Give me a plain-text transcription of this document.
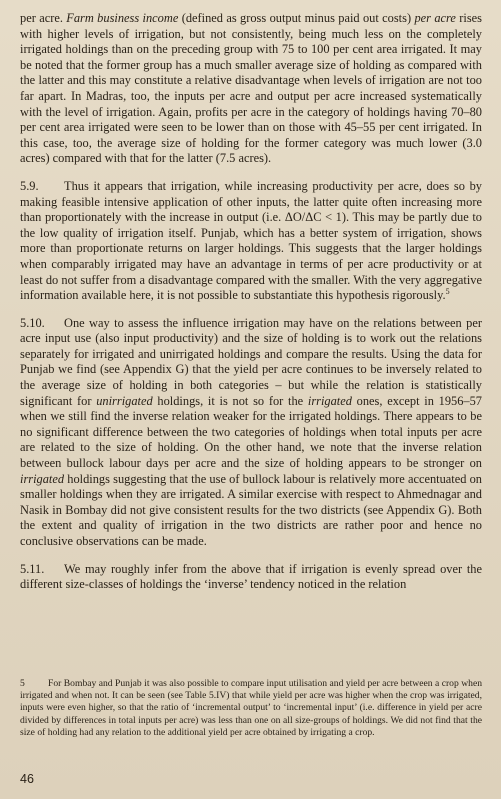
per acre. Farm business income (defined as gross output minus paid out costs) per acre rises with higher levels of irrigation, but not consistently, being much less on the completely irrigated holdings than on the preceding group with 75 to 100 per cent area irrigated. It may be noted that the former group has a much smaller average size of holding as compared with the latter and this may constitute a relative disadvantage when levels of irrigation are not too far apart. In Madras, too, the inputs per acre and output per acre increased systematically with the level of irrigation. Again, profits per acre in the category of holdings having 70–80 per cent area irrigated were seen to be lower than on those with 45–55 per cent irrigated. In this case, too, the average size of holding for the former category was much lower (3.0 acres) compared with that for the latter (7.5 acres).

5.9. Thus it appears that irrigation, while increasing productivity per acre, does so by making feasible intensive application of other inputs, the latter quite often increasing more than proportionately with the increase in output (i.e. ΔO/ΔC < 1). This may be partly due to the low quality of irrigation itself. Punjab, which has a better system of irrigation, shows more than proportionate returns on larger holdings. This suggests that the larger holdings when comparably irrigated may have an advantage in terms of per acre productivity or at least do not suffer from a disadvantage compared with the smaller. With the very aggregative information available here, it is not possible to substantiate this hypothesis rigorously.$^5$

5.10. One way to assess the influence irrigation may have on the relations between per acre input use (also input productivity) and the size of holding is to work out the relations separately for irrigated and unirrigated holdings and compare the results. Using the data for Punjab we find (see Appendix G) that the yield per acre continues to be inversely related to the average size of holding in both categories – but while the relation is statistically significant for unirrigated holdings, it is not so for the irrigated ones, except in 1956–57 when we still find the inverse relation weaker for the irrigated holdings. There appears to be no significant difference between the two categories of holdings when total inputs per acre are related to the size of holding. On the other hand, we note that the inverse relation between bullock labour days per acre and the size of holding appears to be stronger on irrigated holdings suggesting that the use of bullock labour is relatively more accentuated on smaller holdings when they are irrigated. A similar exercise with respect to Ahmednagar and Nasik in Bombay did not give consistent results for the two districts (see Appendix G). Both the extent and quality of irrigation in the two districts are rather poor and hence no conclusive observations can be made.

5.11. We may roughly infer from the above that if irrigation is evenly spread over the different size-classes of holdings the ‘inverse’ tendency noticed in the relation

5 For Bombay and Punjab it was also possible to compare input utilisation and yield per acre between a crop when irrigated and when not. It can be seen (see Table 5.IV) that while yield per acre was higher when the crop was irrigated, inputs were even higher, so that the ratio of ‘incremental output’ to ‘incremental input’ (i.e. difference in yield per acre divided by differences in total inputs per acre) was less than one on all size-groups of holdings. We did not find that the size of holding had any relation to the additional yield per acre obtained by irrigating a crop.
46
